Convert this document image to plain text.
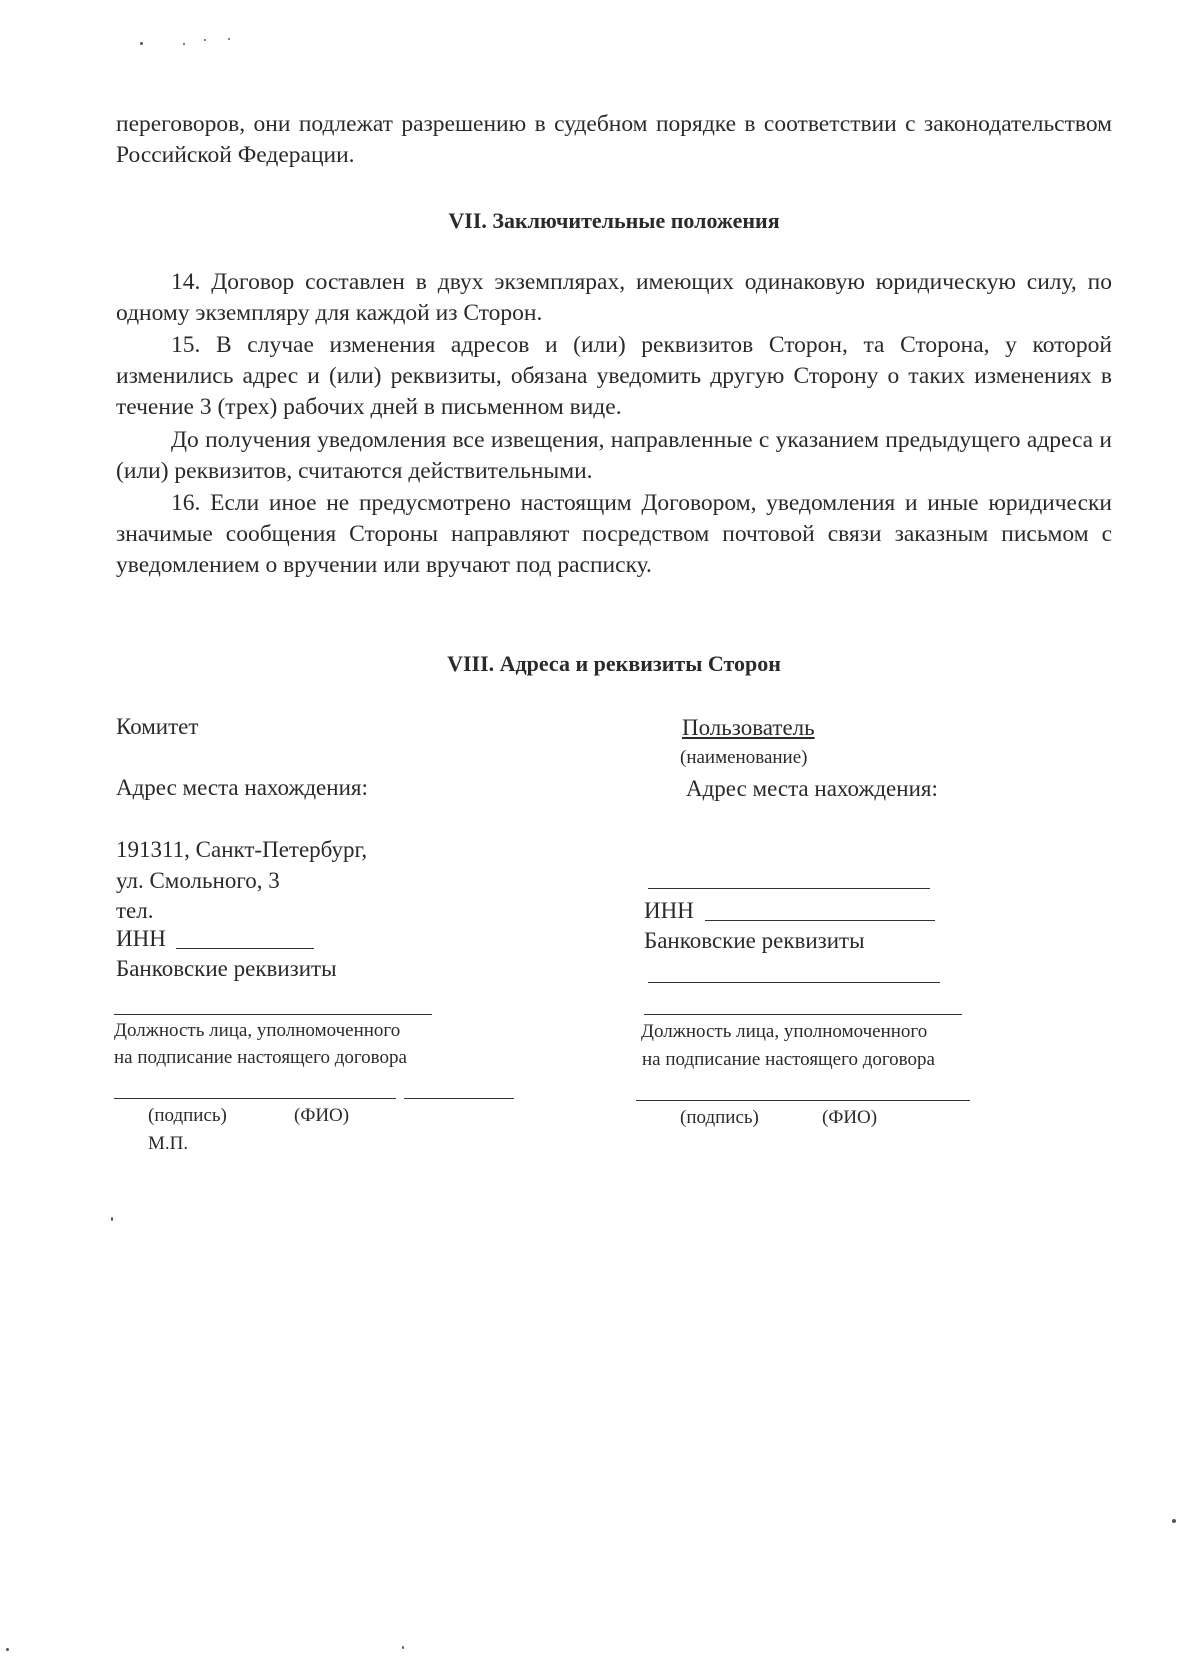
переговоров, они подлежат разрешению в судебном порядке в соответствии с законодательством Российской Федерации.

VII. Заключительные положения

14. Договор составлен в двух экземплярах, имеющих одинаковую юридическую силу, по одному экземпляру для каждой из Сторон.

15. В случае изменения адресов и (или) реквизитов Сторон, та Сторона, у которой изменились адрес и (или) реквизиты, обязана уведомить другую Сторону о таких изменениях в течение 3 (трех) рабочих дней в письменном виде.

До получения уведомления все извещения, направленные с указанием предыдущего адреса и (или) реквизитов, считаются действительными.

16. Если иное не предусмотрено настоящим Договором, уведомления и иные юридически значимые сообщения Стороны направляют посредством почтовой связи заказным письмом с уведомлением о вручении или вручают под расписку.

VIII. Адреса и реквизиты Сторон

Комитет
Адрес места нахождения:
191311, Санкт-Петербург,
ул. Смольного, 3
тел.
ИНН
Банковские реквизиты
Должность лица, уполномоченного
на подписание настоящего договора
(подпись)	(ФИО)
М.П.
Пользователь
(наименование)
Адрес места нахождения:
ИНН
Банковские реквизиты
Должность лица, уполномоченного
на подписание настоящего договора
(подпись)	(ФИО)
